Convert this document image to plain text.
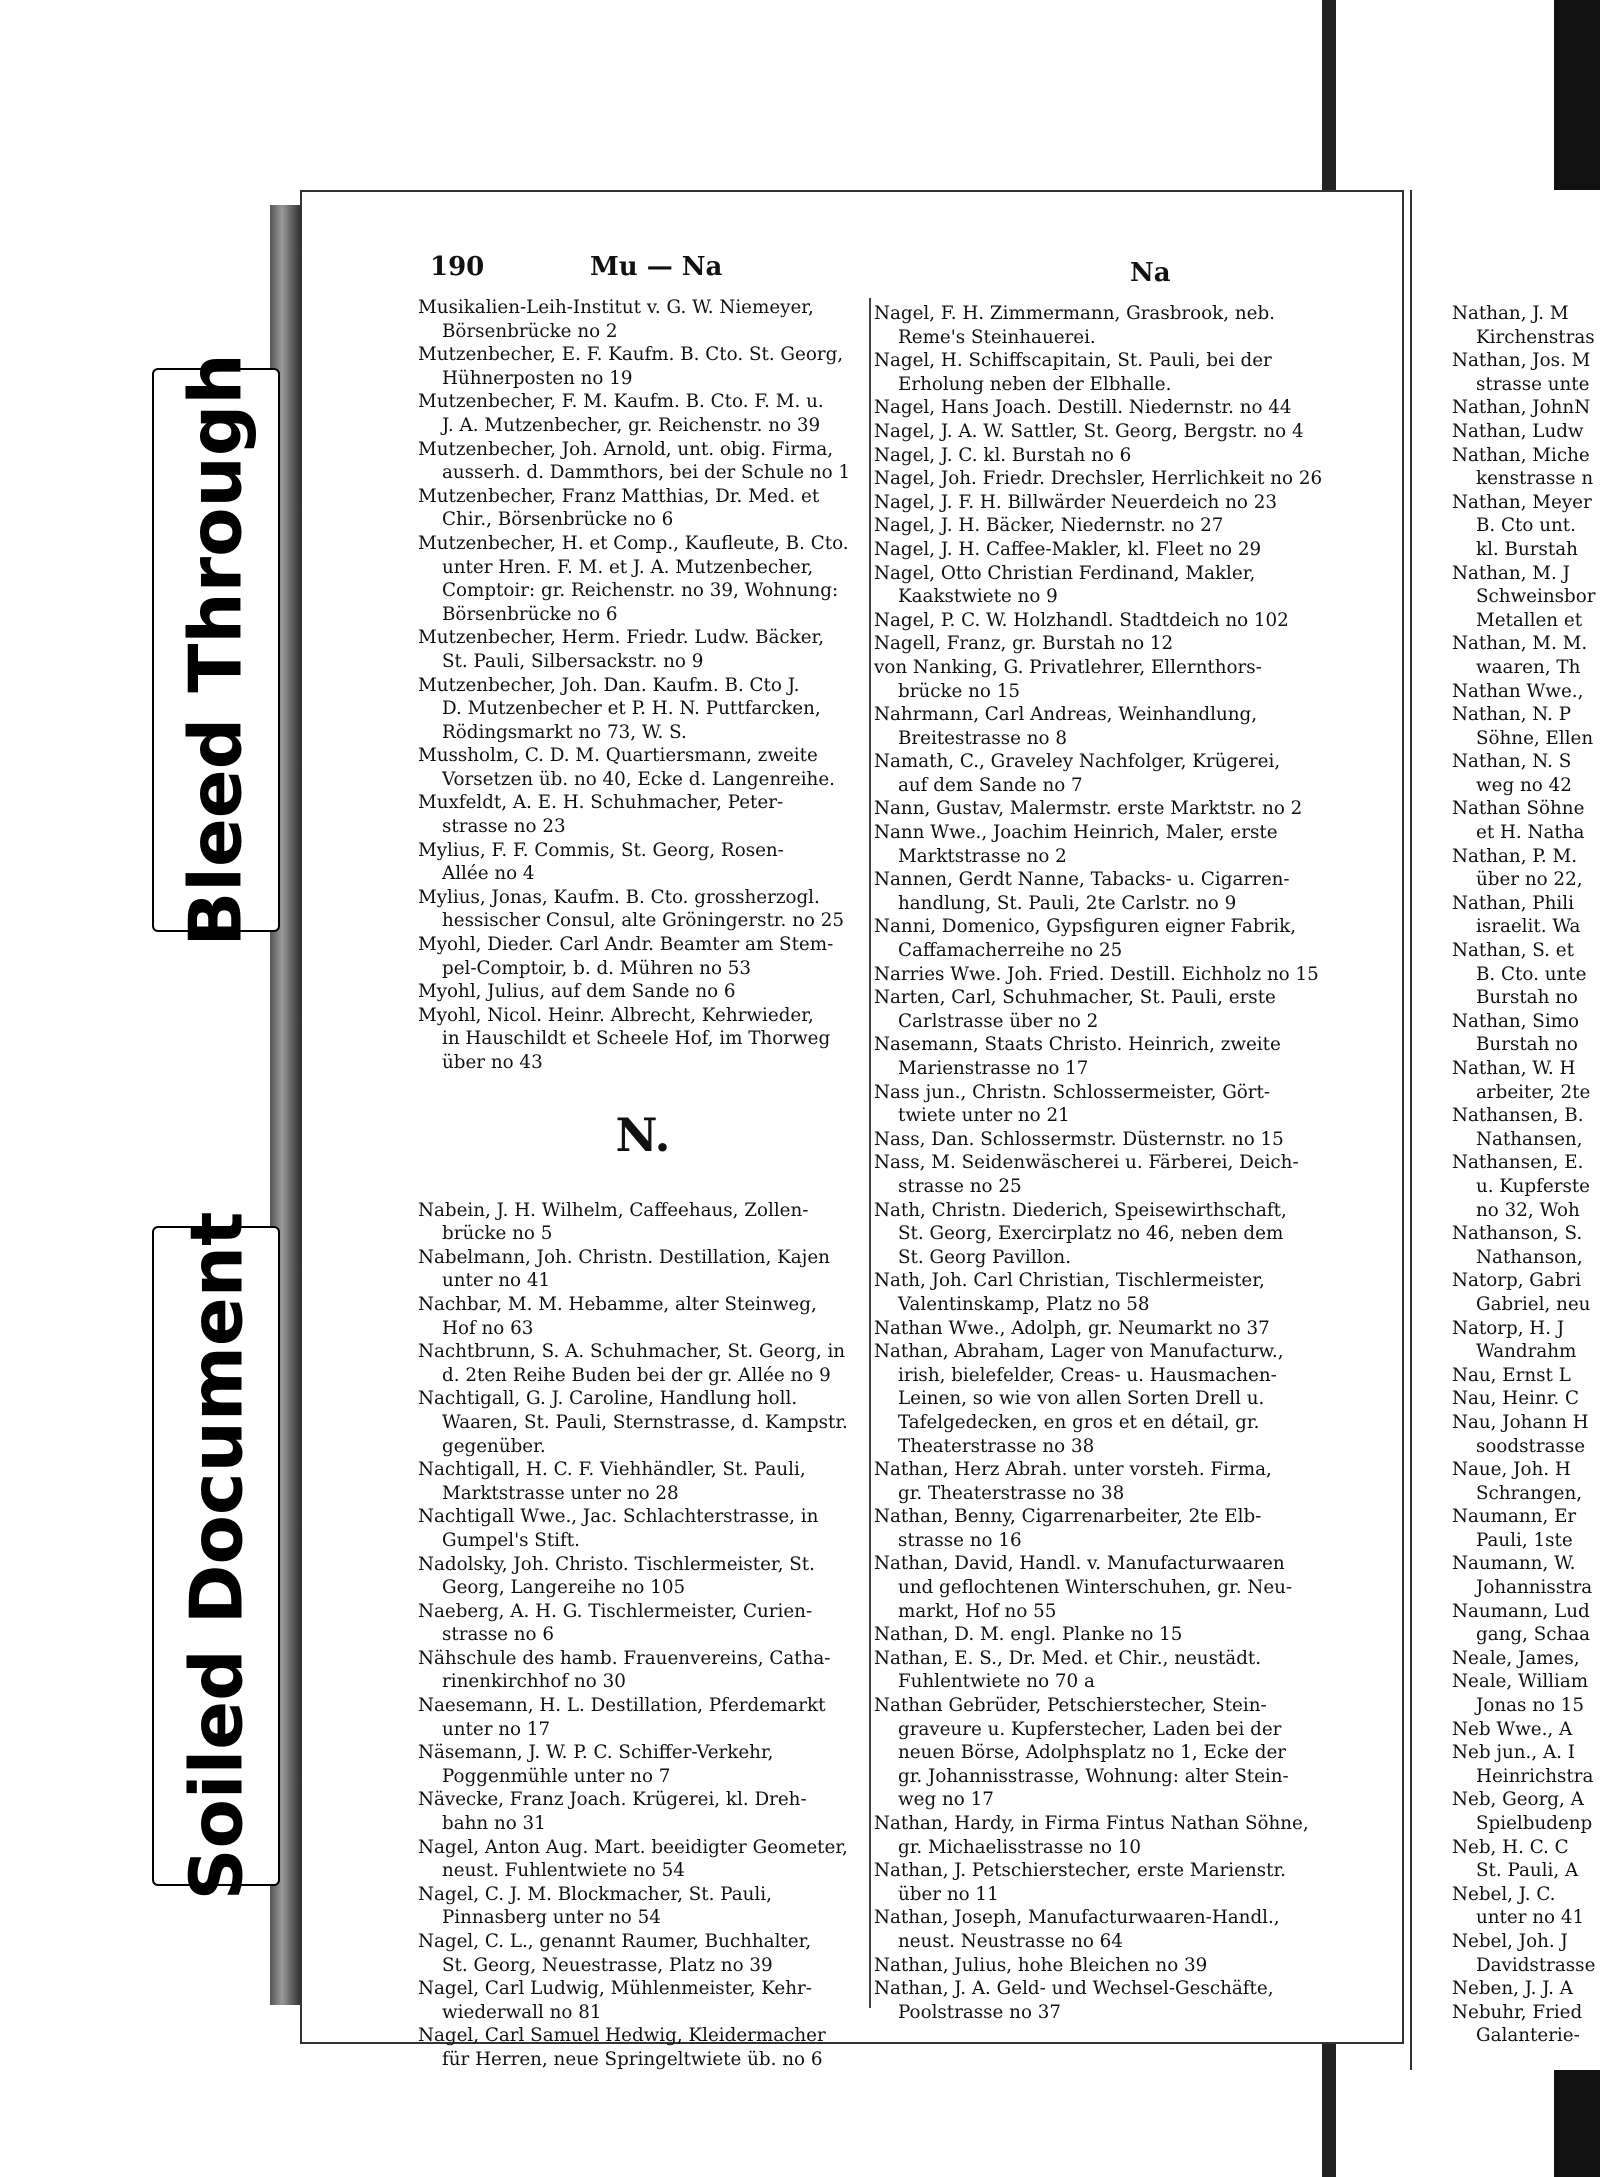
190	Mu — Na	Na
Musikalien-Leih-Institut v. G. W. Niemeyer,
Börsenbrücke no 2
Mutzenbecher, E. F. Kaufm. B. Cto. St. Georg,
Hühnerposten no 19
Mutzenbecher, F. M. Kaufm. B. Cto. F. M. u.
J. A. Mutzenbecher, gr. Reichenstr. no 39
Mutzenbecher, Joh. Arnold, unt. obig. Firma,
ausserh. d. Dammthors, bei der Schule no 1
Mutzenbecher, Franz Matthias, Dr. Med. et
Chir., Börsenbrücke no 6
Mutzenbecher, H. et Comp., Kaufleute, B. Cto.
unter Hren. F. M. et J. A. Mutzenbecher,
Comptoir: gr. Reichenstr. no 39, Wohnung:
Börsenbrücke no 6
Mutzenbecher, Herm. Friedr. Ludw. Bäcker,
St. Pauli, Silbersackstr. no 9
Mutzenbecher, Joh. Dan. Kaufm. B. Cto J.
D. Mutzenbecher et P. H. N. Puttfarcken,
Rödingsmarkt no 73, W. S.
Mussholm, C. D. M. Quartiersmann, zweite
Vorsetzen üb. no 40, Ecke d. Langenreihe.
Muxfeldt, A. E. H. Schuhmacher, Peter-
strasse no 23
Mylius, F. F. Commis, St. Georg, Rosen-
Allée no 4
Mylius, Jonas, Kaufm. B. Cto. grossherzogl.
hessischer Consul, alte Gröningerstr. no 25
Myohl, Dieder. Carl Andr. Beamter am Stem-
pel-Comptoir, b. d. Mühren no 53
Myohl, Julius, auf dem Sande no 6
Myohl, Nicol. Heinr. Albrecht, Kehrwieder,
in Hauschildt et Scheele Hof, im Thorweg
über no 43
N.
Nabein, J. H. Wilhelm, Caffeehaus, Zollen-
brücke no 5
Nabelmann, Joh. Christn. Destillation, Kajen
unter no 41
Nachbar, M. M. Hebamme, alter Steinweg,
Hof no 63
Nachtbrunn, S. A. Schuhmacher, St. Georg, in
d. 2ten Reihe Buden bei der gr. Allée no 9
Nachtigall, G. J. Caroline, Handlung holl.
Waaren, St. Pauli, Sternstrasse, d. Kampstr.
gegenüber.
Nachtigall, H. C. F. Viehhändler, St. Pauli,
Marktstrasse unter no 28
Nachtigall Wwe., Jac. Schlachterstrasse, in
Gumpel's Stift.
Nadolsky, Joh. Christo. Tischlermeister, St.
Georg, Langereihe no 105
Naeberg, A. H. G. Tischlermeister, Curien-
strasse no 6
Nähschule des hamb. Frauenvereins, Catha-
rinenkirchhof no 30
Naesemann, H. L. Destillation, Pferdemarkt
unter no 17
Näsemann, J. W. P. C. Schiffer-Verkehr,
Poggenmühle unter no 7
Nävecke, Franz Joach. Krügerei, kl. Dreh-
bahn no 31
Nagel, Anton Aug. Mart. beeidigter Geometer,
neust. Fuhlentwiete no 54
Nagel, C. J. M. Blockmacher, St. Pauli,
Pinnasberg unter no 54
Nagel, C. L., genannt Raumer, Buchhalter,
St. Georg, Neuestrasse, Platz no 39
Nagel, Carl Ludwig, Mühlenmeister, Kehr-
wiederwall no 81
Nagel, Carl Samuel Hedwig, Kleidermacher
für Herren, neue Springeltwiete üb. no 6
Nagel, F. H. Zimmermann, Grasbrook, neb.
Reme's Steinhauerei.
Nagel, H. Schiffscapitain, St. Pauli, bei der
Erholung neben der Elbhalle.
Nagel, Hans Joach. Destill. Niedernstr. no 44
Nagel, J. A. W. Sattler, St. Georg, Bergstr. no 4
Nagel, J. C. kl. Burstah no 6
Nagel, Joh. Friedr. Drechsler, Herrlichkeit no 26
Nagel, J. F. H. Billwärder Neuerdeich no 23
Nagel, J. H. Bäcker, Niedernstr. no 27
Nagel, J. H. Caffee-Makler, kl. Fleet no 29
Nagel, Otto Christian Ferdinand, Makler,
Kaakstwiete no 9
Nagel, P. C. W. Holzhandl. Stadtdeich no 102
Nagell, Franz, gr. Burstah no 12
von Nanking, G. Privatlehrer, Ellernthors-
brücke no 15
Nahrmann, Carl Andreas, Weinhandlung,
Breitestrasse no 8
Namath, C., Graveley Nachfolger, Krügerei,
auf dem Sande no 7
Nann, Gustav, Malermstr. erste Marktstr. no 2
Nann Wwe., Joachim Heinrich, Maler, erste
Marktstrasse no 2
Nannen, Gerdt Nanne, Tabacks- u. Cigarren-
handlung, St. Pauli, 2te Carlstr. no 9
Nanni, Domenico, Gypsfiguren eigner Fabrik,
Caffamacherreihe no 25
Narries Wwe. Joh. Fried. Destill. Eichholz no 15
Narten, Carl, Schuhmacher, St. Pauli, erste
Carlstrasse über no 2
Nasemann, Staats Christo. Heinrich, zweite
Marienstrasse no 17
Nass jun., Christn. Schlossermeister, Gört-
twiete unter no 21
Nass, Dan. Schlossermstr. Düsternstr. no 15
Nass, M. Seidenwäscherei u. Färberei, Deich-
strasse no 25
Nath, Christn. Diederich, Speisewirthschaft,
St. Georg, Exercirplatz no 46, neben dem
St. Georg Pavillon.
Nath, Joh. Carl Christian, Tischlermeister,
Valentinskamp, Platz no 58
Nathan Wwe., Adolph, gr. Neumarkt no 37
Nathan, Abraham, Lager von Manufacturw.,
irish, bielefelder, Creas- u. Hausmachen-
Leinen, so wie von allen Sorten Drell u.
Tafelgedecken, en gros et en détail, gr.
Theaterstrasse no 38
Nathan, Herz Abrah. unter vorsteh. Firma,
gr. Theaterstrasse no 38
Nathan, Benny, Cigarrenarbeiter, 2te Elb-
strasse no 16
Nathan, David, Handl. v. Manufacturwaaren
und geflochtenen Winterschuhen, gr. Neu-
markt, Hof no 55
Nathan, D. M. engl. Planke no 15
Nathan, E. S., Dr. Med. et Chir., neustädt.
Fuhlentwiete no 70 a
Nathan Gebrüder, Petschierstecher, Stein-
graveure u. Kupferstecher, Laden bei der
neuen Börse, Adolphsplatz no 1, Ecke der
gr. Johannisstrasse, Wohnung: alter Stein-
weg no 17
Nathan, Hardy, in Firma Fintus Nathan Söhne,
gr. Michaelisstrasse no 10
Nathan, J. Petschierstecher, erste Marienstr.
über no 11
Nathan, Joseph, Manufacturwaaren-Handl.,
neust. Neustrasse no 64
Nathan, Julius, hohe Bleichen no 39
Nathan, J. A. Geld- und Wechsel-Geschäfte,
Poolstrasse no 37
Nathan, J. M
Kirchenstras
Nathan, Jos. M
strasse unte
Nathan, JohnN
Nathan, Ludw
Nathan, Miche
kenstrasse n
Nathan, Meyer
B. Cto unt.
kl. Burstah
Nathan, M. J
Schweinsbor
Metallen et
Nathan, M. M.
waaren, Th
Nathan Wwe.,
Nathan, N. P
Söhne, Ellen
Nathan, N. S
weg no 42
Nathan Söhne
et H. Natha
Nathan, P. M.
über no 22,
Nathan, Phili
israelit. Wa
Nathan, S. et
B. Cto. unte
Burstah no
Nathan, Simo
Burstah no
Nathan, W. H
arbeiter, 2te
Nathansen, B.
Nathansen,
Nathansen, E.
u. Kupferste
no 32, Woh
Nathanson, S.
Nathanson,
Natorp, Gabri
Gabriel, neu
Natorp, H. J
Wandrahm
Nau, Ernst L
Nau, Heinr. C
Nau, Johann H
soodstrasse
Naue, Joh. H
Schrangen,
Naumann, Er
Pauli, 1ste
Naumann, W.
Johannisstra
Naumann, Lud
gang, Schaa
Neale, James,
Neale, William
Jonas no 15
Neb Wwe., A
Neb jun., A. I
Heinrichstra
Neb, Georg, A
Spielbudenp
Neb, H. C. C
St. Pauli, A
Nebel, J. C.
unter no 41
Nebel, Joh. J
Davidstrasse
Neben, J. J. A
Nebuhr, Fried
Galanterie-
Bleed Through
Soiled Document
